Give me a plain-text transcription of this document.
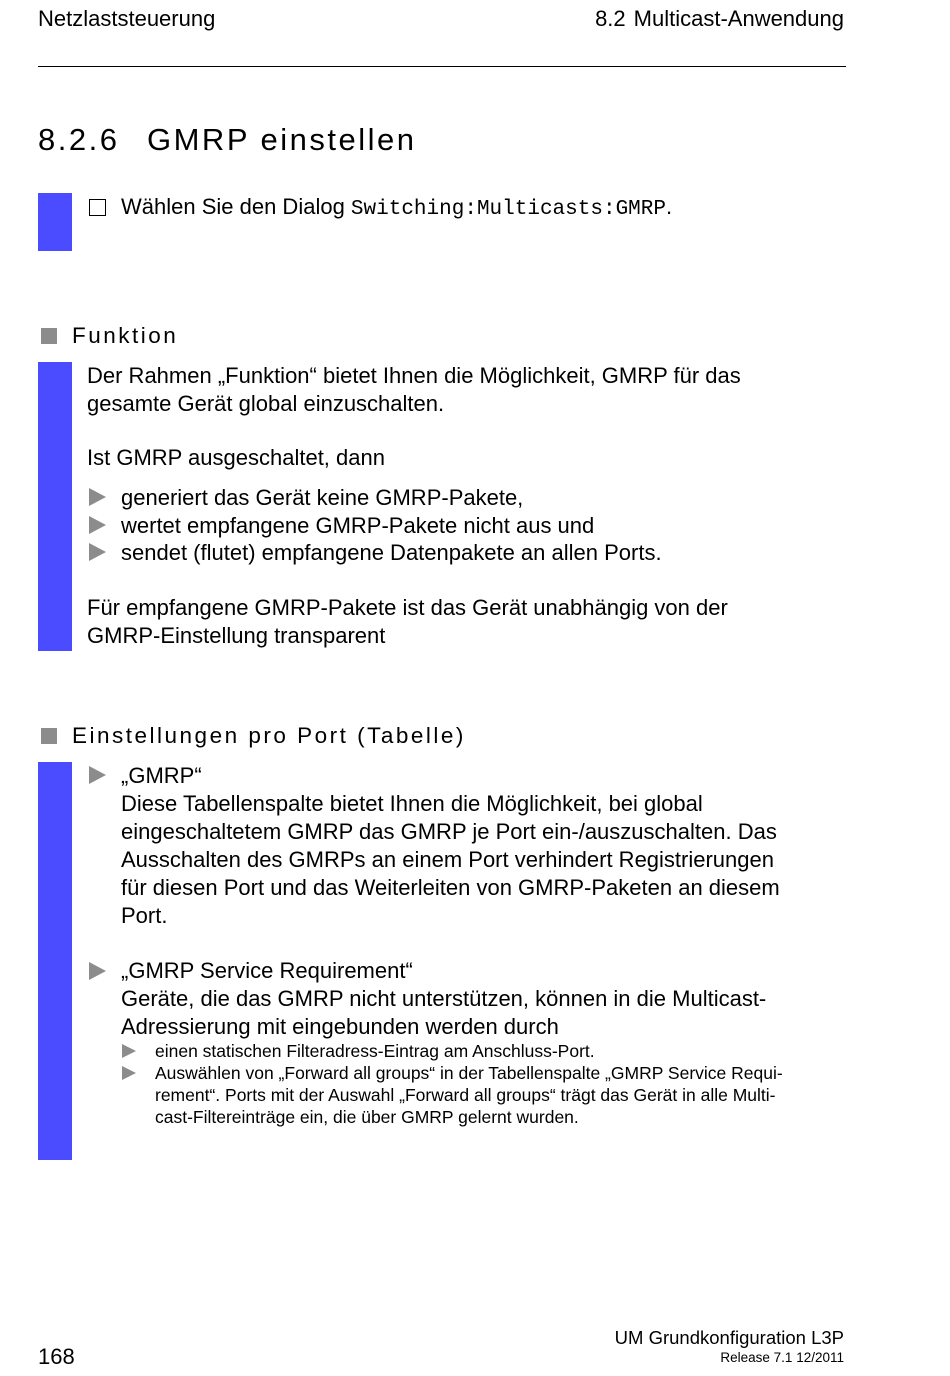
Netzlaststeuerung	8.2 Multicast-Anwendung
8.2.6 GMRP einstellen
Wählen Sie den Dialog Switching:Multicasts:GMRP.
Funktion
Der Rahmen „Funktion“ bietet Ihnen die Möglichkeit, GMRP für das
gesamte Gerät global einzuschalten.
Ist GMRP ausgeschaltet, dann
generiert das Gerät keine GMRP-Pakete,
wertet empfangene GMRP-Pakete nicht aus und
sendet (flutet) empfangene Datenpakete an allen Ports.
Für empfangene GMRP-Pakete ist das Gerät unabhängig von der
GMRP-Einstellung transparent
Einstellungen pro Port (Tabelle)
„GMRP“
Diese Tabellenspalte bietet Ihnen die Möglichkeit, bei global
eingeschaltetem GMRP das GMRP je Port ein-/auszuschalten. Das
Ausschalten des GMRPs an einem Port verhindert Registrierungen
für diesen Port und das Weiterleiten von GMRP-Paketen an diesem
Port.
„GMRP Service Requirement“
Geräte, die das GMRP nicht unterstützen, können in die Multicast-
Adressierung mit eingebunden werden durch
einen statischen Filteradress-Eintrag am Anschluss-Port.
Auswählen von „Forward all groups“ in der Tabellenspalte „GMRP Service Requi-
rement“. Ports mit der Auswahl „Forward all groups“ trägt das Gerät in alle Multi-
cast-Filtereinträge ein, die über GMRP gelernt wurden.
168
UM Grundkonfiguration L3P
Release 7.1 12/2011
